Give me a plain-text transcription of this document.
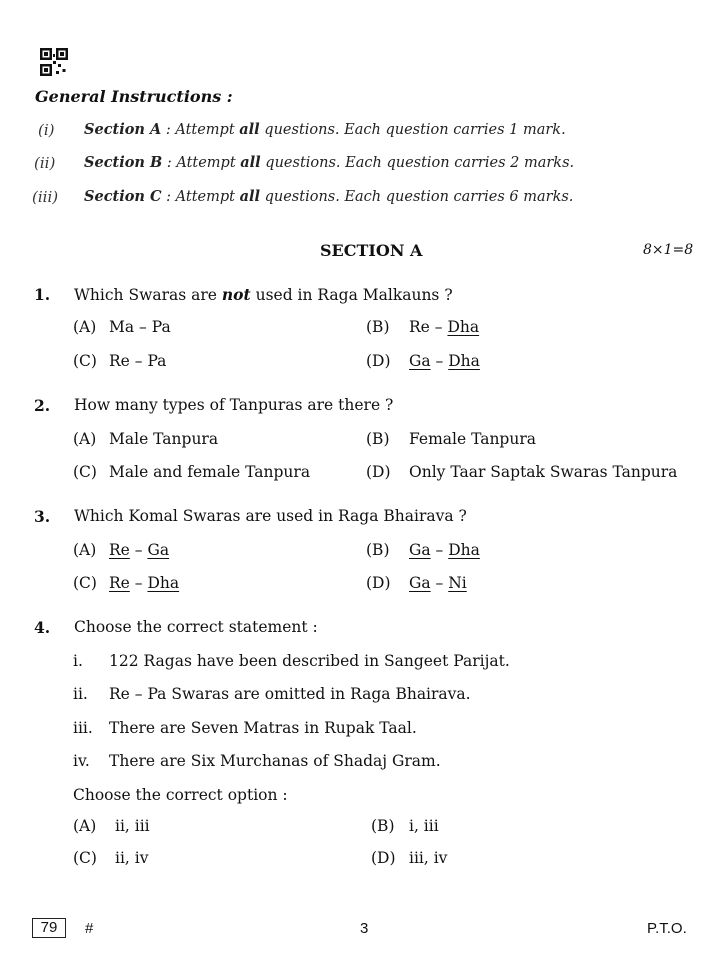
General Instructions :
(i) Section A : Attempt all questions. Each question carries 1 mark.
(ii) Section B : Attempt all questions. Each question carries 2 marks.
(iii) Section C : Attempt all questions. Each question carries 6 marks.
SECTION A	8×1=8
1. Which Swaras are not used in Raga Malkauns ?
(A) Ma – Pa	(B) Re – Dha
(C) Re – Pa	(D) Ga – Dha
2. How many types of Tanpuras are there ?
(A) Male Tanpura	(B) Female Tanpura
(C) Male and female Tanpura	(D) Only Taar Saptak Swaras Tanpura
3. Which Komal Swaras are used in Raga Bhairava ?
(A) Re – Ga	(B) Ga – Dha
(C) Re – Dha	(D) Ga – Ni
4. Choose the correct statement :
i. 122 Ragas have been described in Sangeet Parijat.
ii. Re – Pa Swaras are omitted in Raga Bhairava.
iii. There are Seven Matras in Rupak Taal.
iv. There are Six Murchanas of Shadaj Gram.
Choose the correct option :
(A) ii, iii	(B) i, iii
(C) ii, iv	(D) iii, iv
79	#	3	P.T.O.
